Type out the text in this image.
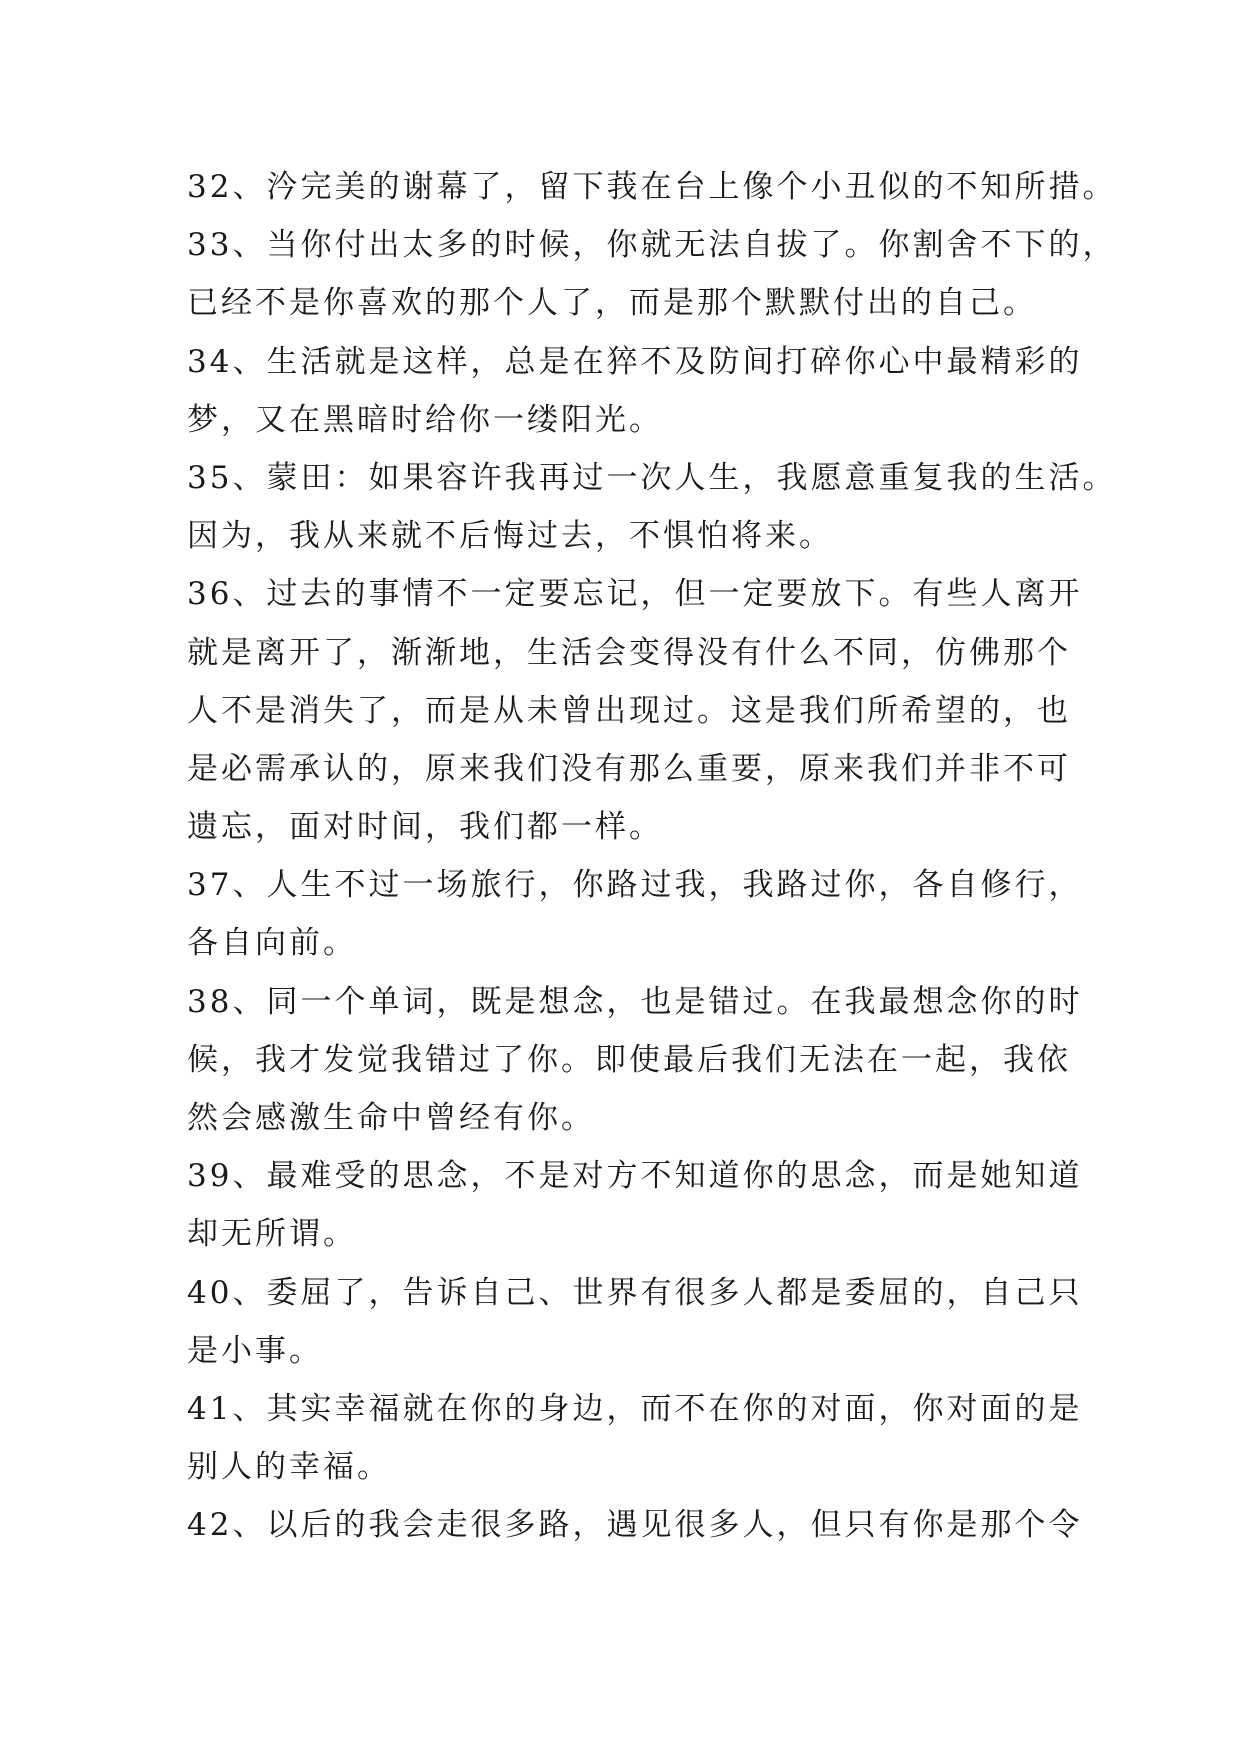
32、汵完美的谢幕了，留下莪在台上像个小丑似的不知所措。
33、当你付出太多的时候，你就无法自拔了。你割舍不下的，
已经不是你喜欢的那个人了，而是那个默默付出的自己。
34、生活就是这样，总是在猝不及防间打碎你心中最精彩的
梦，又在黑暗时给你一缕阳光。
35、蒙田：如果容许我再过一次人生，我愿意重复我的生活。
因为，我从来就不后悔过去，不惧怕将来。
36、过去的事情不一定要忘记，但一定要放下。有些人离开
就是离开了，渐渐地，生活会变得没有什么不同，仿佛那个
人不是消失了，而是从未曾出现过。这是我们所希望的，也
是必需承认的，原来我们没有那么重要，原来我们并非不可
遗忘，面对时间，我们都一样。
37、人生不过一场旅行，你路过我，我路过你，各自修行，
各自向前。
38、同一个单词，既是想念，也是错过。在我最想念你的时
候，我才发觉我错过了你。即使最后我们无法在一起，我依
然会感激生命中曾经有你。
39、最难受的思念，不是对方不知道你的思念，而是她知道
却无所谓。
40、委屈了，告诉自己、世界有很多人都是委屈的，自己只
是小事。
41、其实幸福就在你的身边，而不在你的对面，你对面的是
别人的幸福。
42、以后的我会走很多路，遇见很多人，但只有你是那个令
